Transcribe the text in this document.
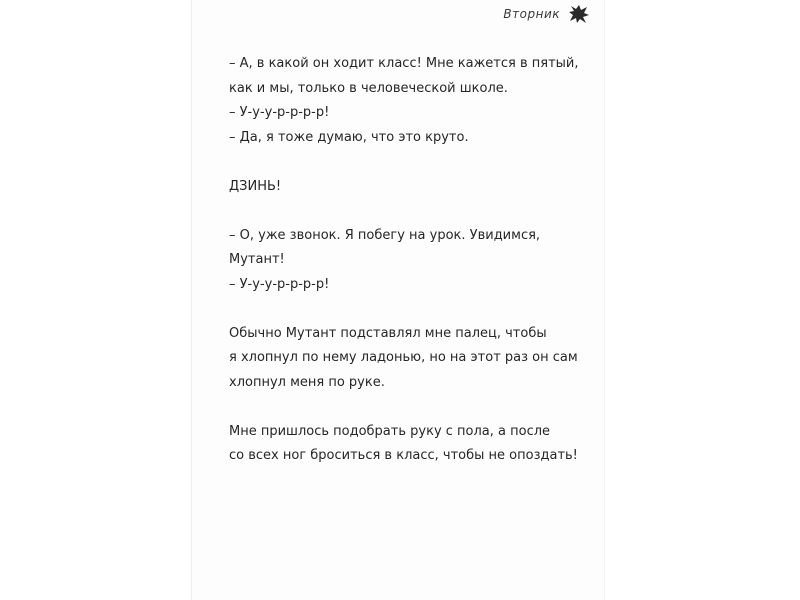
Вторник

– А, в какой он ходит класс! Мне кажется в пятый,
как и мы, только в человеческой школе.
– У-у-у-р-р-р-р!
– Да, я тоже думаю, что это круто.

ДЗИНЬ!

– О, уже звонок. Я побегу на урок. Увидимся,
Мутант!
– У-у-у-р-р-р-р!

Обычно Мутант подставлял мне палец, чтобы
я хлопнул по нему ладонью, но на этот раз он сам
хлопнул меня по руке.

Мне пришлось подобрать руку с пола, а после
со всех ног броситься в класс, чтобы не опоздать!
